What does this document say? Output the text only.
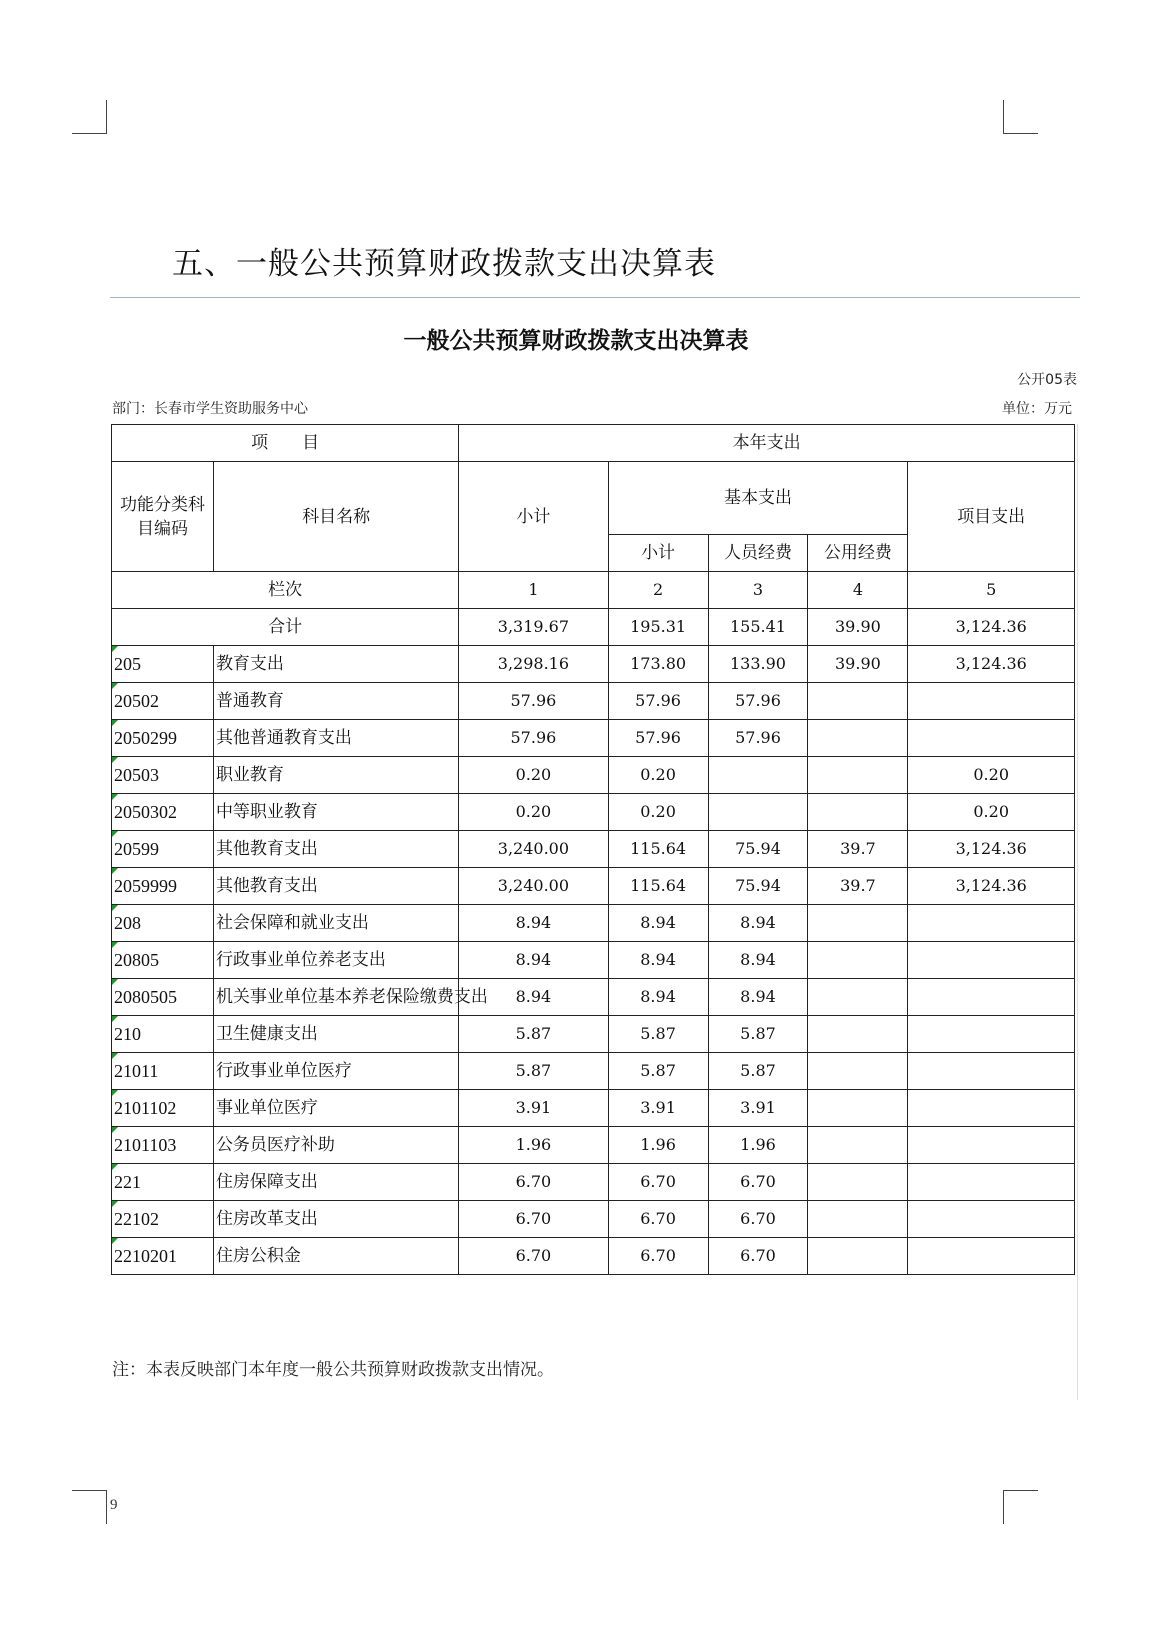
9
五、一般公共预算财政拨款支出决算表
一般公共预算财政拨款支出决算表
公开05表
部门：长春市学生资助服务中心	单位：万元
项　　目		本年支出				
功能分类科目编码	科目名称	小计	基本支出			项目支出
			小计	人员经费	公用经费	
栏次		1	2	3	4	5
合计		3,319.67	195.31	155.41	39.90	3,124.36

205	教育支出	3,298.16	173.80	133.90	39.90	3,124.36

20502	普通教育	57.96	57.96	57.96		

2050299	其他普通教育支出	57.96	57.96	57.96		

20503	职业教育	0.20	0.20			0.20

2050302	中等职业教育	0.20	0.20			0.20

20599	其他教育支出	3,240.00	115.64	75.94	39.7	3,124.36

2059999	其他教育支出	3,240.00	115.64	75.94	39.7	3,124.36

208	社会保障和就业支出	8.94	8.94	8.94		

20805	行政事业单位养老支出	8.94	8.94	8.94		

2080505	机关事业单位基本养老保险缴费支出	8.94	8.94	8.94		

210	卫生健康支出	5.87	5.87	5.87		

21011	行政事业单位医疗	5.87	5.87	5.87		

2101102	事业单位医疗	3.91	3.91	3.91		

2101103	公务员医疗补助	1.96	1.96	1.96		

221	住房保障支出	6.70	6.70	6.70		

22102	住房改革支出	6.70	6.70	6.70		

2210201	住房公积金	6.70	6.70	6.70		
注：本表反映部门本年度一般公共预算财政拨款支出情况。
